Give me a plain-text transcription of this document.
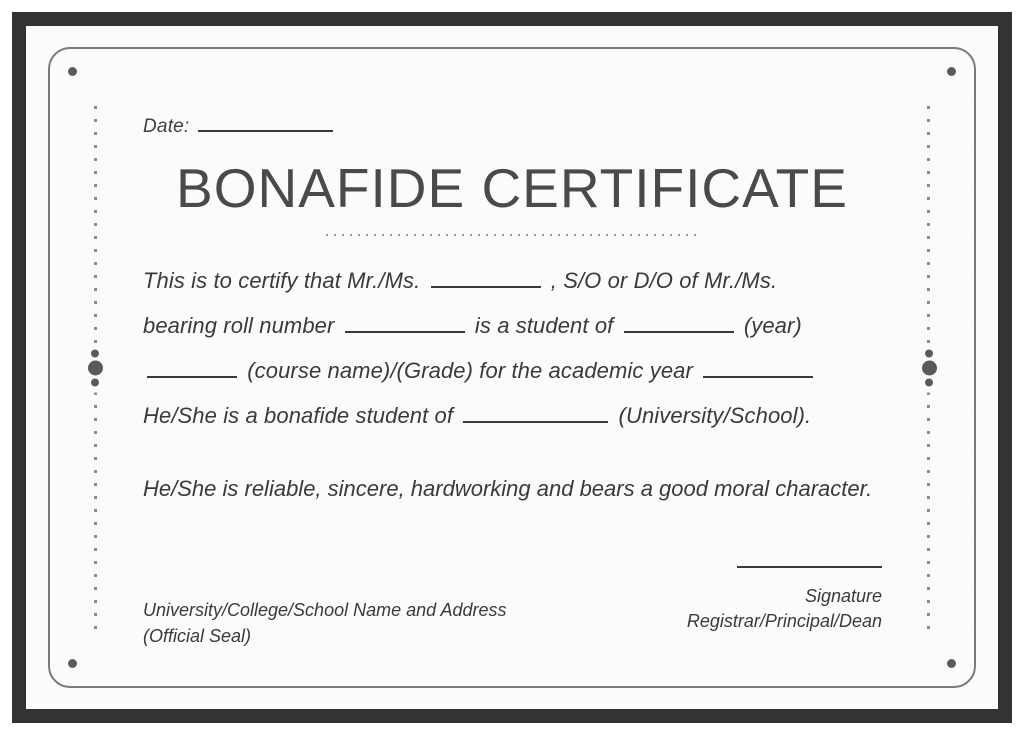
Date:
BONAFIDE CERTIFICATE
This is to certify that Mr./Ms.	, S/O or D/O of Mr./Ms.
bearing roll number	is a student of	(year)
(course name)/(Grade) for the academic year
He/She is a bonafide student of	(University/School).
He/She is reliable, sincere, hardworking and bears a good moral character.
Signature
Registrar/Principal/Dean
University/College/School Name and Address
(Official Seal)
